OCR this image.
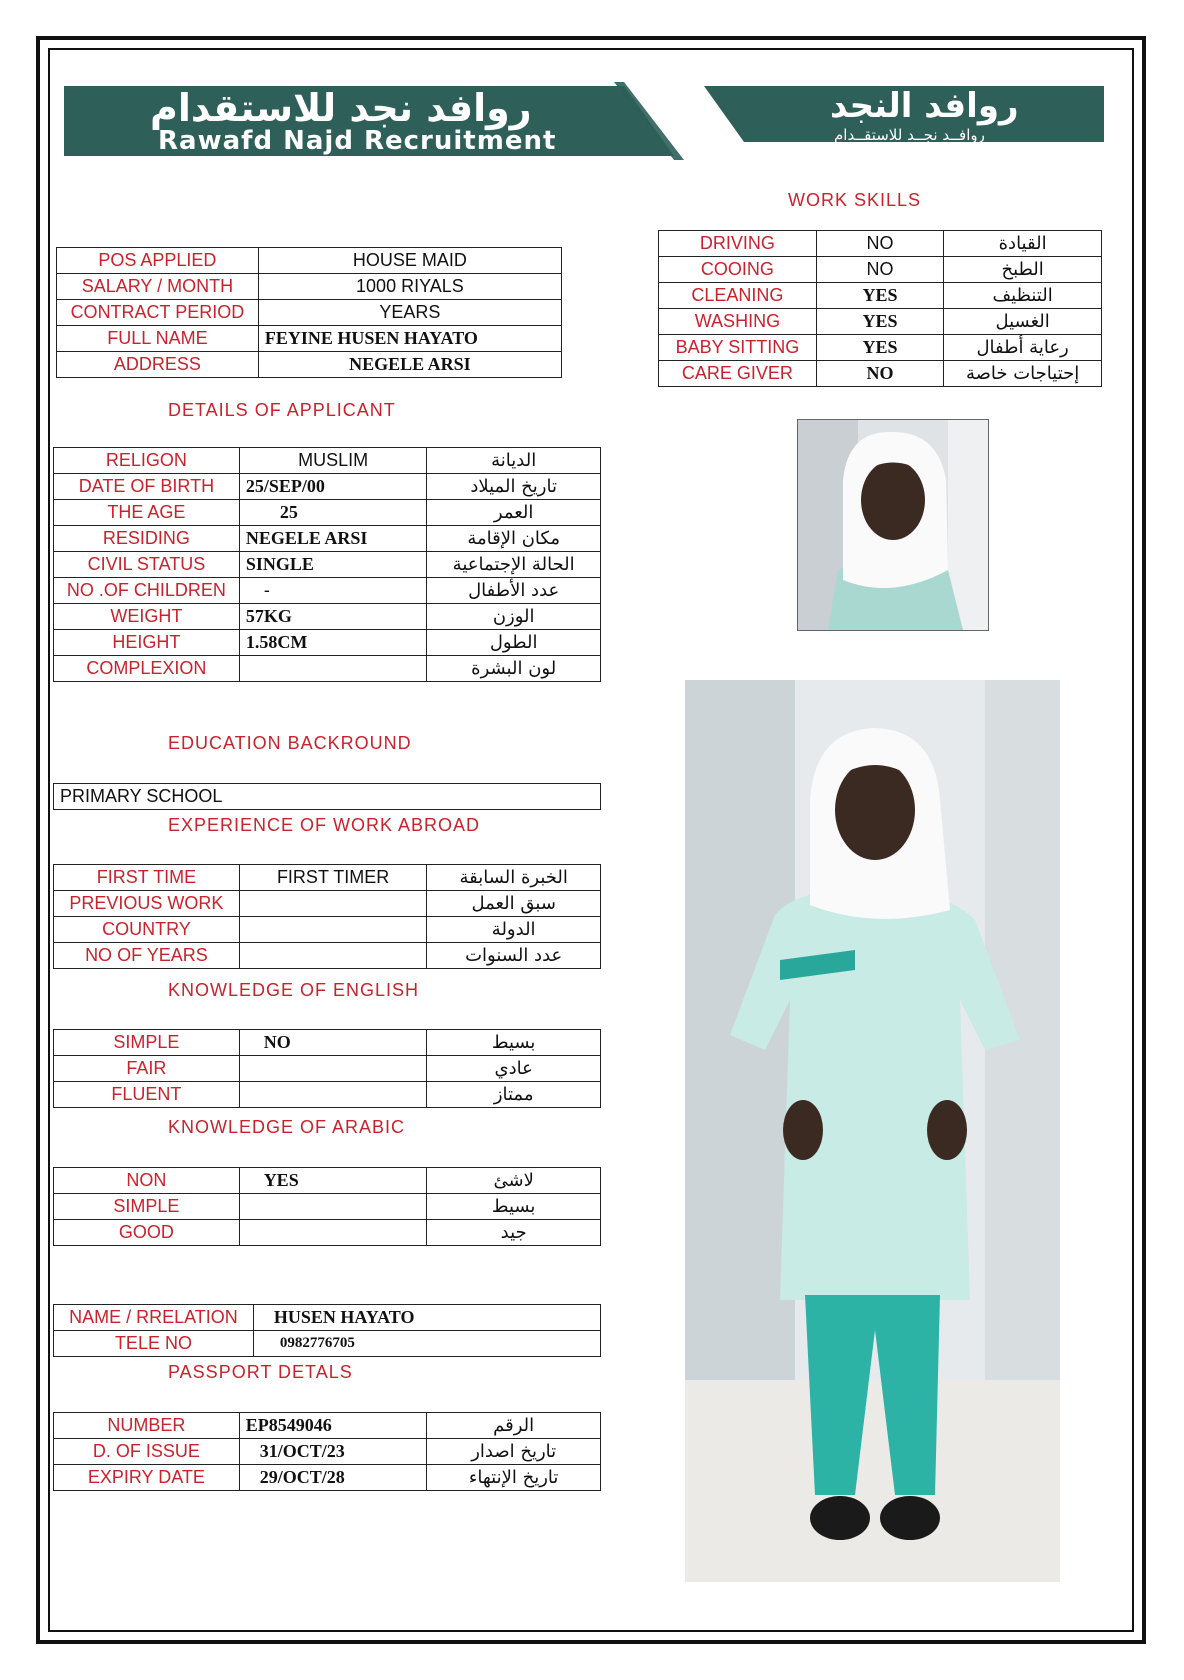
روافد نجد للاستقدام
Rawafd Najd Recruitment
روافد النجد
روافــد نجــد للاستقــدام
WORK SKILLS
DRIVING	NO	القيادة
COOING	NO	الطبخ
CLEANING	YES	التنظيف
WASHING	YES	الغسيل
BABY SITTING	YES	رعاية أطفال
CARE GIVER	NO	إحتياجات خاصة
POS APPLIED	HOUSE MAID
SALARY / MONTH	1000 RIYALS
CONTRACT PERIOD	YEARS
FULL NAME	FEYINE HUSEN HAYATO
ADDRESS	NEGELE ARSI
DETAILS OF APPLICANT
RELIGON	MUSLIM	الديانة
DATE OF BIRTH	25/SEP/00	تاريخ الميلاد
THE AGE	25	العمر
RESIDING	NEGELE ARSI	مكان الإقامة
CIVIL STATUS	SINGLE	الحالة الإجتماعية
NO .OF CHILDREN	-	عدد الأطفال
WEIGHT	57KG	الوزن
HEIGHT	1.58CM	الطول
COMPLEXION		لون البشرة
EDUCATION BACKROUND
PRIMARY SCHOOL
EXPERIENCE OF WORK ABROAD
FIRST TIME	FIRST TIMER	الخبرة السابقة
PREVIOUS WORK		سبق العمل
COUNTRY		الدولة
NO OF YEARS		عدد السنوات
KNOWLEDGE OF ENGLISH
SIMPLE	NO	بسيط
FAIR		عادي
FLUENT		ممتاز
KNOWLEDGE OF ARABIC
NON	YES	لاشئ
SIMPLE		بسيط
GOOD		جيد
NAME / RRELATION	HUSEN HAYATO
TELE NO	0982776705
PASSPORT DETALS
NUMBER	EP8549046	الرقم
D. OF ISSUE	31/OCT/23	تاريخ اصدار
EXPIRY DATE	29/OCT/28	تاريخ الإنتهاء
